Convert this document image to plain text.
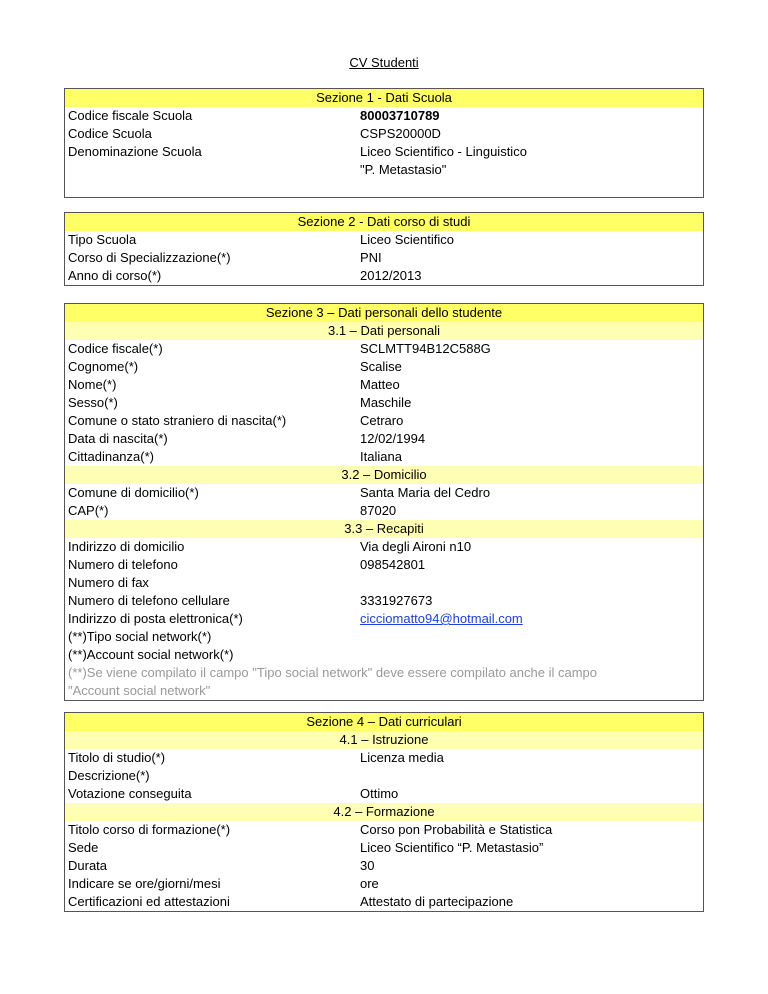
CV Studenti
Sezione 1 - Dati Scuola
Codice fiscale Scuola	80003710789
Codice Scuola	CSPS20000D
Denominazione Scuola	Liceo Scientifico - Linguistico
"P. Metastasio"
Sezione 2 - Dati corso di studi
Tipo Scuola	Liceo Scientifico
Corso di Specializzazione(*)	PNI
Anno di corso(*)	2012/2013
Sezione 3 – Dati personali dello studente
3.1 – Dati personali
Codice fiscale(*)	SCLMTT94B12C588G
Cognome(*)	Scalise
Nome(*)	Matteo
Sesso(*)	Maschile
Comune o stato straniero di nascita(*)	Cetraro
Data di nascita(*)	12/02/1994
Cittadinanza(*)	Italiana
3.2 – Domicilio
Comune di domicilio(*)	Santa Maria del Cedro
CAP(*)	87020
3.3 – Recapiti
Indirizzo di domicilio	Via degli Aironi n10
Numero di telefono	098542801
Numero di fax
Numero di telefono cellulare	3331927673
Indirizzo di posta elettronica(*)	cicciomatto94@hotmail.com
(**)Tipo social network(*)
(**)Account social network(*)
(**)Se viene compilato il campo "Tipo social network" deve essere compilato anche il campo
"Account social network"
Sezione 4 – Dati curriculari
4.1 – Istruzione
Titolo di studio(*)	Licenza media
Descrizione(*)
Votazione conseguita	Ottimo
4.2 – Formazione
Titolo corso di formazione(*)	Corso pon Probabilità e Statistica
Sede	Liceo Scientifico “P. Metastasio”
Durata	30
Indicare se ore/giorni/mesi	ore
Certificazioni ed attestazioni	Attestato di partecipazione
